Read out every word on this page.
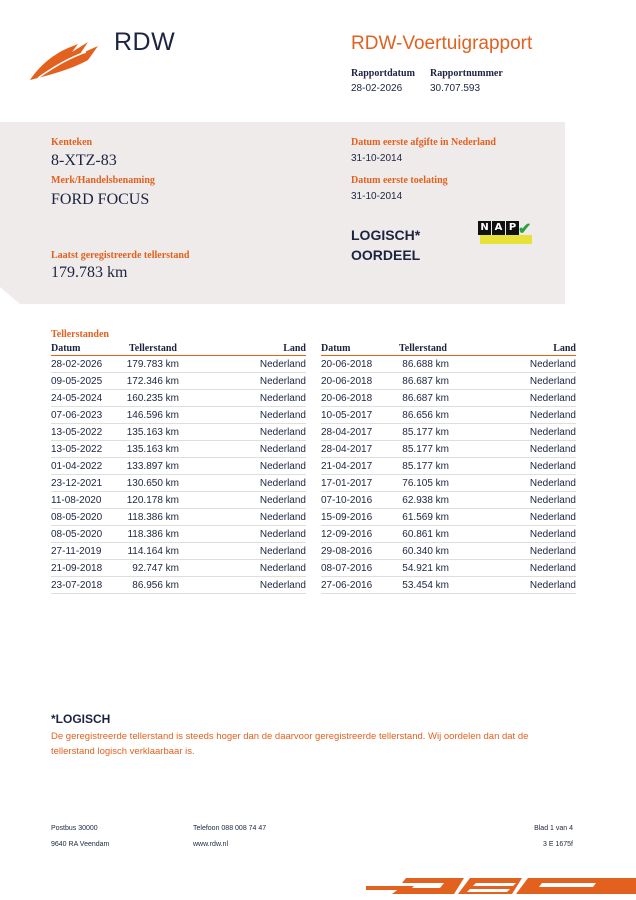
RDW	RDW-Voertuigrapport
Rapportdatum
28-02-2026
Rapportnummer
30.707.593
Kenteken
8-XTZ-83
Merk/Handelsbenaming
FORD FOCUS
Laatst geregistreerde tellerstand
179.783 km
Datum eerste afgifte in Nederland
31-10-2014
Datum eerste toelating
31-10-2014
LOGISCH*
OORDEEL
N A P ✔
Tellerstanden
Datum	Tellerstand	Land
28-02-2026	179.783 km	Nederland
09-05-2025	172.346 km	Nederland
24-05-2024	160.235 km	Nederland
07-06-2023	146.596 km	Nederland
13-05-2022	135.163 km	Nederland
13-05-2022	135.163 km	Nederland
01-04-2022	133.897 km	Nederland
23-12-2021	130.650 km	Nederland
11-08-2020	120.178 km	Nederland
08-05-2020	118.386 km	Nederland
08-05-2020	118.386 km	Nederland
27-11-2019	114.164 km	Nederland
21-09-2018	92.747 km	Nederland
23-07-2018	86.956 km	Nederland
Datum	Tellerstand	Land
20-06-2018	86.688 km	Nederland
20-06-2018	86.687 km	Nederland
20-06-2018	86.687 km	Nederland
10-05-2017	86.656 km	Nederland
28-04-2017	85.177 km	Nederland
28-04-2017	85.177 km	Nederland
21-04-2017	85.177 km	Nederland
17-01-2017	76.105 km	Nederland
07-10-2016	62.938 km	Nederland
15-09-2016	61.569 km	Nederland
12-09-2016	60.861 km	Nederland
29-08-2016	60.340 km	Nederland
08-07-2016	54.921 km	Nederland
27-06-2016	53.454 km	Nederland
*LOGISCH
De geregistreerde tellerstand is steeds hoger dan de daarvoor geregistreerde tellerstand. Wij oordelen dan dat de tellerstand logisch verklaarbaar is.
Postbus 30000
9640 RA Veendam
Telefoon 088 008 74 47
www.rdw.nl
Blad 1 van 4
3 E 1675f
